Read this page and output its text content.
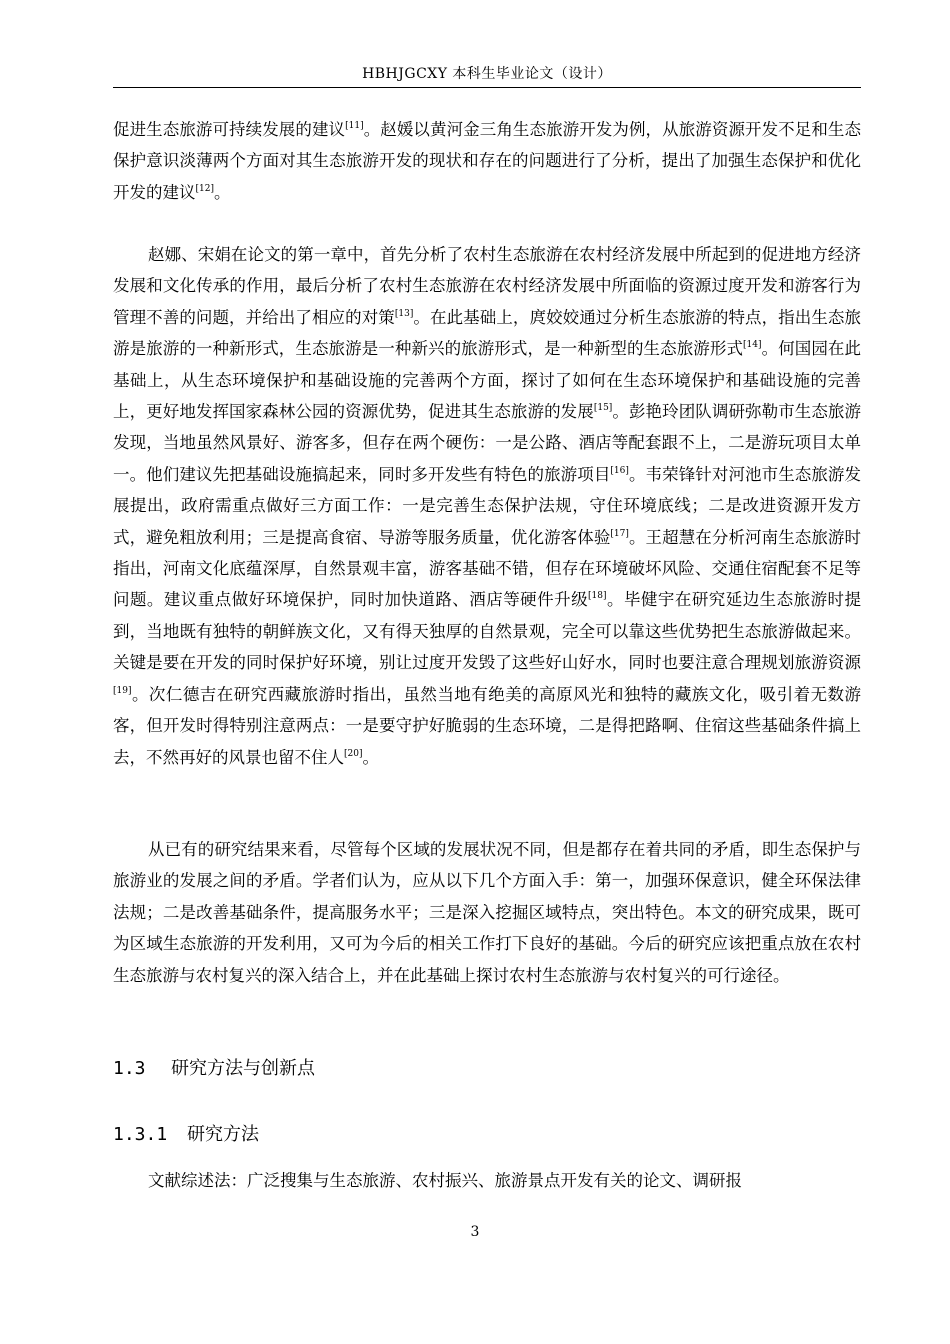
HBHJGCXY 本科生毕业论文（设计）

促进生态旅游可持续发展的建议[11]。赵媛以黄河金三角生态旅游开发为例，从旅游资源开发不足和生态保护意识淡薄两个方面对其生态旅游开发的现状和存在的问题进行了分析，提出了加强生态保护和优化开发的建议[12]。

赵娜、宋娟在论文的第一章中，首先分析了农村生态旅游在农村经济发展中所起到的促进地方经济发展和文化传承的作用，最后分析了农村生态旅游在农村经济发展中所面临的资源过度开发和游客行为管理不善的问题，并给出了相应的对策[13]。在此基础上，庹姣姣通过分析生态旅游的特点，指出生态旅游是旅游的一种新形式，生态旅游是一种新兴的旅游形式，是一种新型的生态旅游形式[14]。何国园在此基础上，从生态环境保护和基础设施的完善两个方面，探讨了如何在生态环境保护和基础设施的完善上，更好地发挥国家森林公园的资源优势，促进其生态旅游的发展[15]。彭艳玲团队调研弥勒市生态旅游发现，当地虽然风景好、游客多，但存在两个硬伤：一是公路、酒店等配套跟不上，二是游玩项目太单一。他们建议先把基础设施搞起来，同时多开发些有特色的旅游项目[16]。韦荣锋针对河池市生态旅游发展提出，政府需重点做好三方面工作：一是完善生态保护法规，守住环境底线；二是改进资源开发方式，避免粗放利用；三是提高食宿、导游等服务质量，优化游客体验[17]。王超慧在分析河南生态旅游时指出，河南文化底蕴深厚，自然景观丰富，游客基础不错，但存在环境破坏风险、交通住宿配套不足等问题。建议重点做好环境保护，同时加快道路、酒店等硬件升级[18]。毕健宇在研究延边生态旅游时提到，当地既有独特的朝鲜族文化，又有得天独厚的自然景观，完全可以靠这些优势把生态旅游做起来。关键是要在开发的同时保护好环境，别让过度开发毁了这些好山好水，同时也要注意合理规划旅游资源[19]。次仁德吉在研究西藏旅游时指出，虽然当地有绝美的高原风光和独特的藏族文化，吸引着无数游客，但开发时得特别注意两点：一是要守护好脆弱的生态环境，二是得把路啊、住宿这些基础条件搞上去，不然再好的风景也留不住人[20]。

从已有的研究结果来看，尽管每个区域的发展状况不同，但是都存在着共同的矛盾，即生态保护与旅游业的发展之间的矛盾。学者们认为，应从以下几个方面入手：第一，加强环保意识，健全环保法律法规；二是改善基础条件，提高服务水平；三是深入挖掘区域特点，突出特色。本文的研究成果，既可为区域生态旅游的开发利用，又可为今后的相关工作打下良好的基础。今后的研究应该把重点放在农村生态旅游与农村复兴的深入结合上，并在此基础上探讨农村生态旅游与农村复兴的可行途径。

1.3 研究方法与创新点
1.3.1 研究方法

文献综述法：广泛搜集与生态旅游、农村振兴、旅游景点开发有关的论文、调研报

3
